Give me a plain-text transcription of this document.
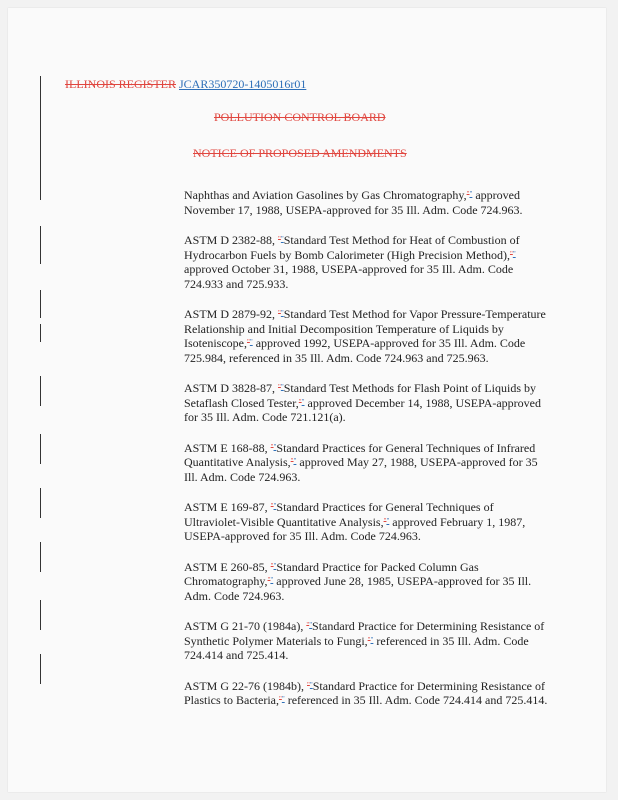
ILLINOIS REGISTER JCAR350720-1405016r01
POLLUTION CONTROL BOARD
NOTICE OF PROPOSED AMENDMENTS

Naphthas and Aviation Gasolines by Gas Chromatography,"" approved November 17, 1988, USEPA-approved for 35 Ill. Adm. Code 724.963.

ASTM D 2382-88, ""Standard Test Method for Heat of Combustion of Hydrocarbon Fuels by Bomb Calorimeter (High Precision Method),"" approved October 31, 1988, USEPA-approved for 35 Ill. Adm. Code 724.933 and 725.933.

ASTM D 2879-92, ""Standard Test Method for Vapor Pressure-Temperature Relationship and Initial Decomposition Temperature of Liquids by Isoteniscope,"" approved 1992, USEPA-approved for 35 Ill. Adm. Code 725.984, referenced in 35 Ill. Adm. Code 724.963 and 725.963.

ASTM D 3828-87, ""Standard Test Methods for Flash Point of Liquids by Setaflash Closed Tester,"" approved December 14, 1988, USEPA-approved for 35 Ill. Adm. Code 721.121(a).

ASTM E 168-88, ""Standard Practices for General Techniques of Infrared Quantitative Analysis,"" approved May 27, 1988, USEPA-approved for 35 Ill. Adm. Code 724.963.

ASTM E 169-87, ""Standard Practices for General Techniques of Ultraviolet-Visible Quantitative Analysis,"" approved February 1, 1987, USEPA-approved for 35 Ill. Adm. Code 724.963.

ASTM E 260-85, ""Standard Practice for Packed Column Gas Chromatography,"" approved June 28, 1985, USEPA-approved for 35 Ill. Adm. Code 724.963.

ASTM G 21-70 (1984a), ""Standard Practice for Determining Resistance of Synthetic Polymer Materials to Fungi,"" referenced in 35 Ill. Adm. Code 724.414 and 725.414.

ASTM G 22-76 (1984b), ""Standard Practice for Determining Resistance of Plastics to Bacteria,"" referenced in 35 Ill. Adm. Code 724.414 and 725.414.
